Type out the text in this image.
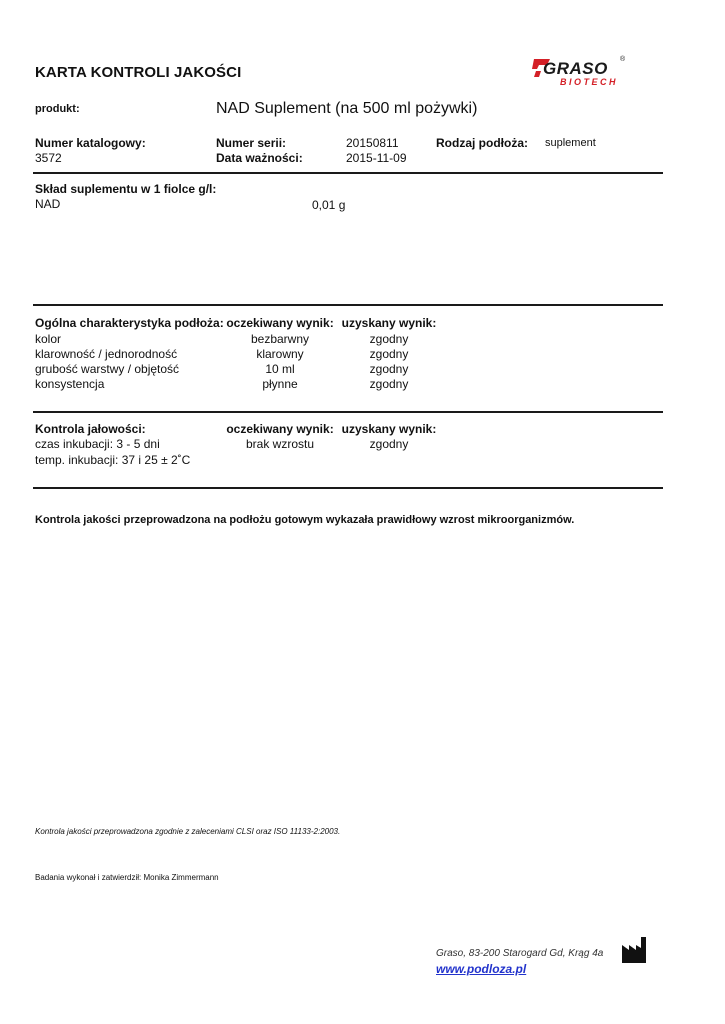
KARTA KONTROLI JAKOŚCI	GRASO ®
BIOTECH
produkt:	NAD Suplement (na 500 ml pożywki)
Numer katalogowy:
3572
Numer serii:	20150811
Data ważności:	2015-11-09
Rodzaj podłoża: suplement
Skład suplementu w 1 fiolce g/l:
NAD	0,01 g
Ogólna charakterystyka podłoża: oczekiwany wynik: uzyskany wynik:
kolor	bezbarwny	zgodny
klarowność / jednorodność	klarowny	zgodny
grubość warstwy / objętość	10 ml	zgodny
konsystencja	płynne	zgodny
Kontrola jałowości:	oczekiwany wynik: uzyskany wynik:
czas inkubacji: 3 - 5 dni	brak wzrostu	zgodny
temp. inkubacji: 37 i 25 ± 2˚C
Kontrola jakości przeprowadzona na podłożu gotowym wykazała prawidłowy wzrost mikroorganizmów.
Kontrola jakości przeprowadzona zgodnie z zaleceniami CLSI oraz ISO 11133-2:2003.
Badania wykonał i zatwierdził: Monika Zimmermann
Graso, 83-200 Starogard Gd, Krąg 4a
www.podloza.pl
